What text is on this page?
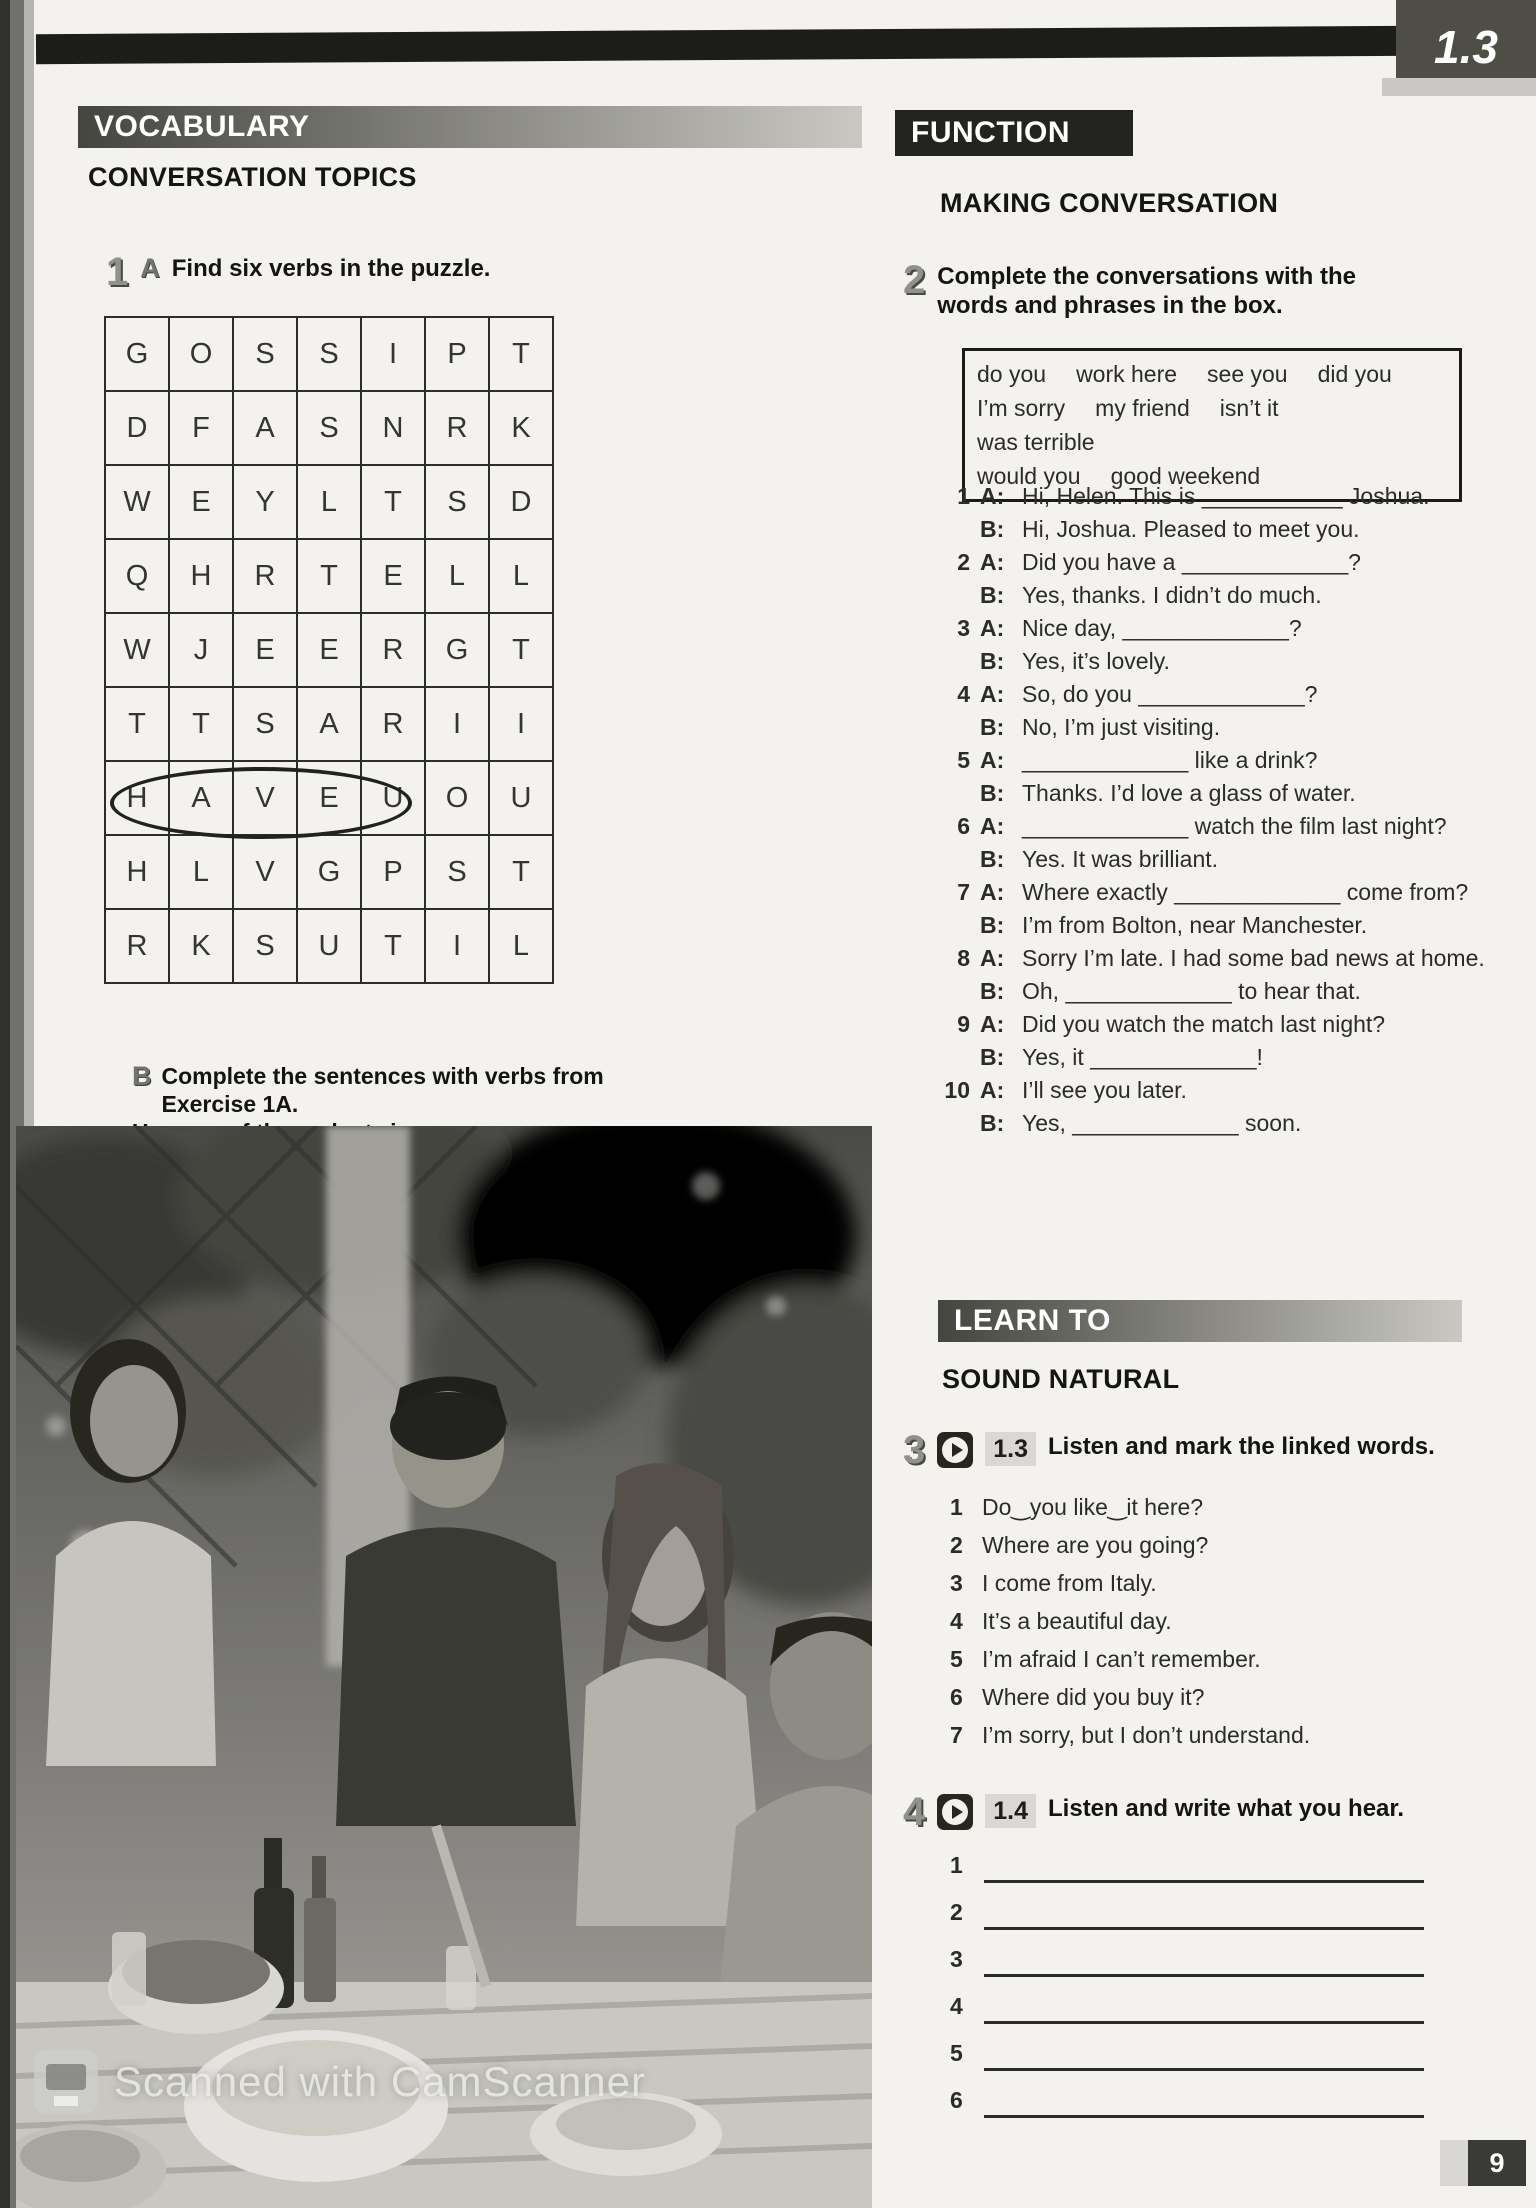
1.3
VOCABULARY
CONVERSATION TOPICS
1 A Find six verbs in the puzzle.
G	O	S	S	I	P	T
D	F	A	S	N	R	K
W	E	Y	L	T	S	D
Q	H	R	T	E	L	L
W	J	E	E	R	G	T
T	T	S	A	R	I	I
H	A	V	E	U	O	U
H	L	V	G	P	S	T
R	K	S	U	T	I	L
B Complete the sentences with verbs from Exercise 1A.
Scanned with CamScanner
FUNCTION
MAKING CONVERSATION
2 Complete the conversations with the words and phrases in the box.
do you work here see you did you
I’m sorry my friend isn’t itwas terrible
would you good weekend
1 A: Hi, Helen. This is ___________ Joshua.
B: Hi, Joshua. Pleased to meet you.
2 A: Did you have a _____________?
B: Yes, thanks. I didn’t do much.
3 A: Nice day, _____________?
B: Yes, it’s lovely.
4 A: So, do you _____________?
B: No, I’m just visiting.
5 A: _____________ like a drink?
B: Thanks. I’d love a glass of water.
6 A: _____________ watch the film last night?
B: Yes. It was brilliant.
7 A: Where exactly _____________ come from?
B: I’m from Bolton, near Manchester.
8 A: Sorry I’m late. I had some bad news at home.
B: Oh, _____________ to hear that.
9 A: Did you watch the match last night?
B: Yes, it _____________!
10 A: I’ll see you later.
B: Yes, _____________ soon.
LEARN TO
SOUND NATURAL
3	1.3 Listen and mark the linked words.
1 Do‿you like‿it here?
2 Where are you going?
3 I come from Italy.
4 It’s a beautiful day.
5 I’m afraid I can’t remember.
6 Where did you buy it?
7 I’m sorry, but I don’t understand.
4	1.4 Listen and write what you hear.
1
2
3
4
5
6
9
